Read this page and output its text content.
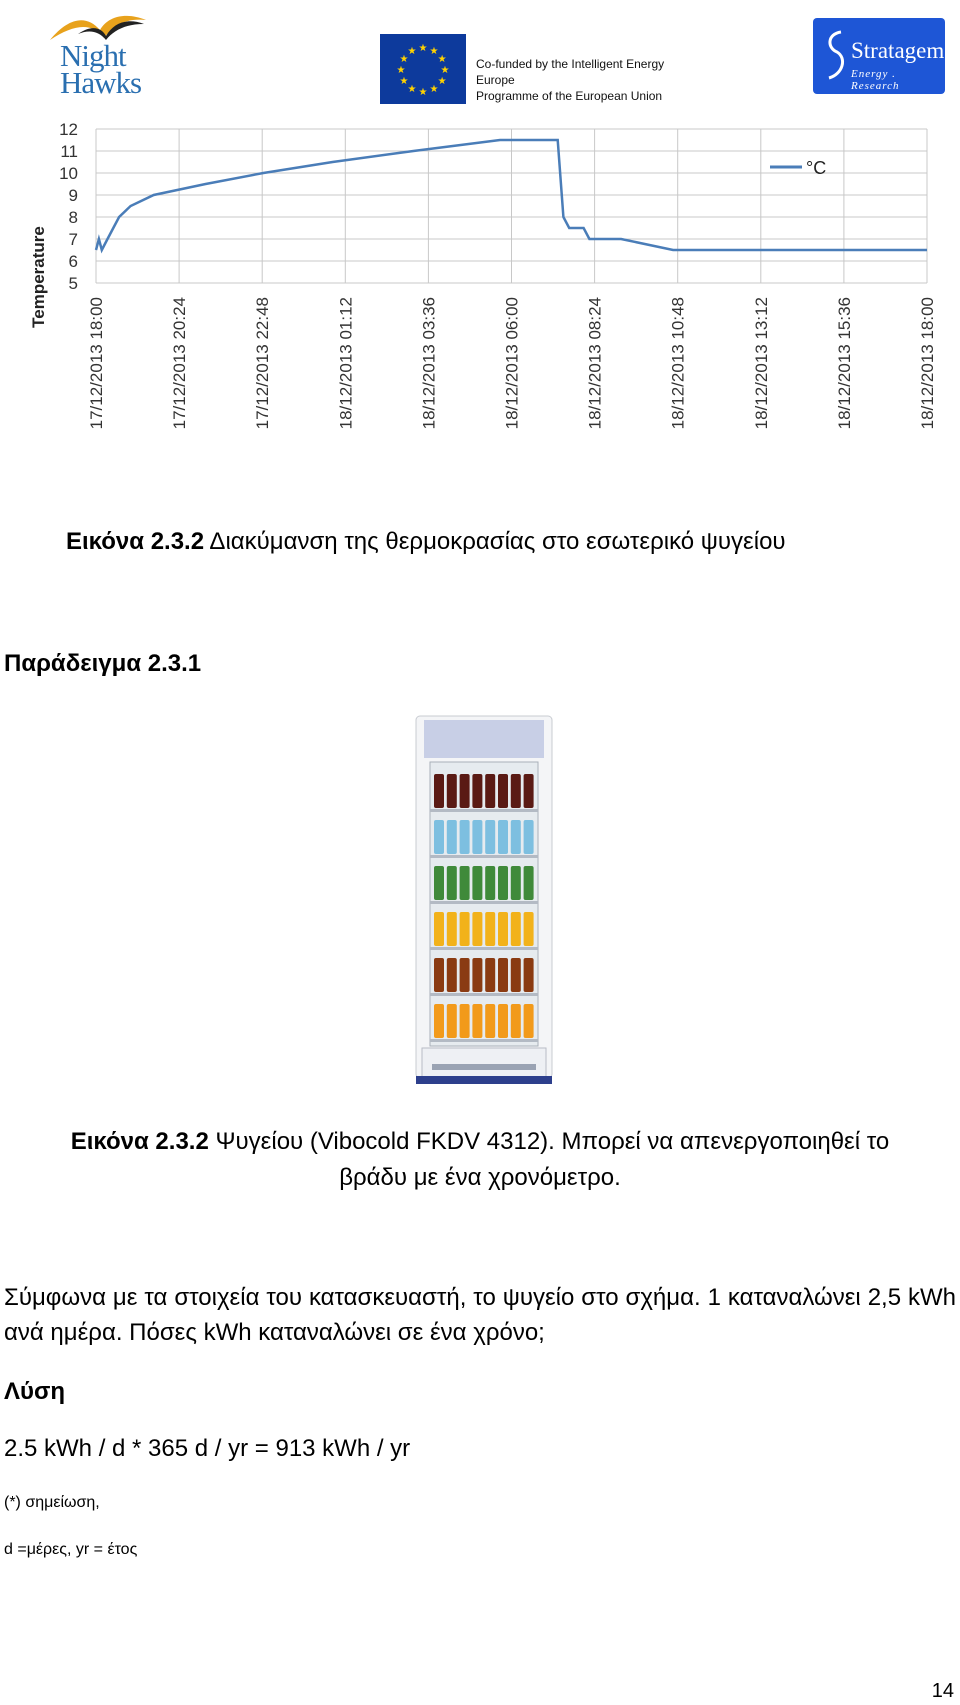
Night
Hawks
★ ★
★
★
★
★
★
★
★
★
★
★
Co-funded by the Intelligent Energy Europe
Programme of the European Union
Stratagem
Energy . Research
5
6
7
8
9
10
11
12
17/12/2013 18:00	17/12/2013 20:24	17/12/2013 22:48	18/12/2013 01:12	18/12/2013 03:36	18/12/2013 06:00	18/12/2013 08:24	18/12/2013 10:48	18/12/2013 13:12	18/12/2013 15:36	18/12/2013 18:00
Temperature
°C
Εικόνα 2.3.2 Διακύμανση της θερμοκρασίας στο εσωτερικό ψυγείου
Παράδειγμα 2.3.1
Εικόνα 2.3.2 Ψυγείου (Vibocold FKDV 4312). Μπορεί να απενεργοποιηθεί το βράδυ με ένα χρονόμετρο.
Σύμφωνα με τα στοιχεία του κατασκευαστή, το ψυγείο στο σχήμα. 1 καταναλώνει 2,5 kWh ανά ημέρα. Πόσες kWh καταναλώνει σε ένα χρόνο;
Λύση
2.5 kWh / d * 365 d / yr = 913 kWh / yr
(*) σημείωση,
d =μέρες, yr = έτος
14
